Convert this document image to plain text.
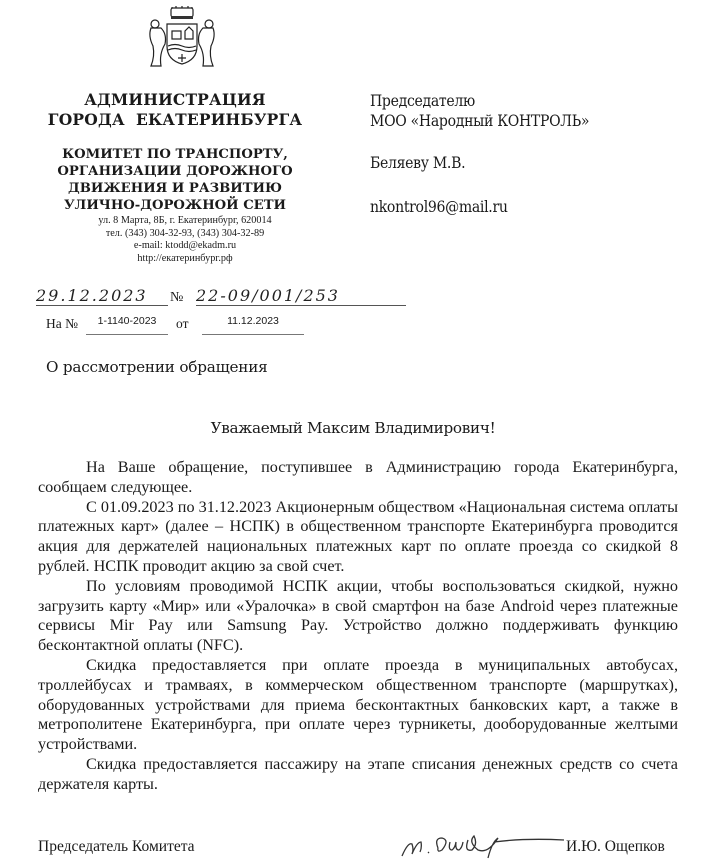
АДМИНИСТРАЦИЯ
ГОРОДА  ЕКАТЕРИНБУРГА
КОМИТЕТ ПО ТРАНСПОРТУ,
ОРГАНИЗАЦИИ ДОРОЖНОГО
ДВИЖЕНИЯ И РАЗВИТИЮ
УЛИЧНО-ДОРОЖНОЙ СЕТИ
ул. 8 Марта, 8Б, г. Екатеринбург, 620014
тел. (343) 304-32-93, (343) 304-32-89
e-mail: ktodd@ekadm.ru
http://екатеринбург.рф
Председателю
МОО «Народный КОНТРОЛЬ»
Беляеву М.В.
nkontrol96@mail.ru
29.12.2023	№ 22-09/001/253
На №	1-1140-2023	от	11.12.2023
О рассмотрении обращения
Уважаемый Максим Владимирович!

На Ваше обращение, поступившее в Администрацию города Екатеринбурга, сообщаем следующее.

С 01.09.2023 по 31.12.2023 Акционерным обществом «Национальная система оплаты платежных карт» (далее – НСПК) в общественном транспорте Екатеринбурга проводится акция для держателей национальных платежных карт по оплате проезда со скидкой 8 рублей. НСПК проводит акцию за свой счет.

По условиям проводимой НСПК акции, чтобы воспользоваться скидкой, нужно загрузить карту «Мир» или «Уралочка» в свой смартфон на базе Android через платежные сервисы Mir Pay или Samsung Pay. Устройство должно поддерживать функцию бесконтактной оплаты (NFC).

Скидка предоставляется при оплате проезда в муниципальных автобусах, троллейбусах и трамваях, в коммерческом общественном транспорте (маршрутках), оборудованных устройствами для приема бесконтактных банковских карт, а также в метрополитене Екатеринбурга, при оплате через турникеты, дооборудованные желтыми устройствами.

Скидка предоставляется пассажиру на этапе списания денежных средств со счета держателя карты.

Председатель Комитета	И.Ю. Ощепков
